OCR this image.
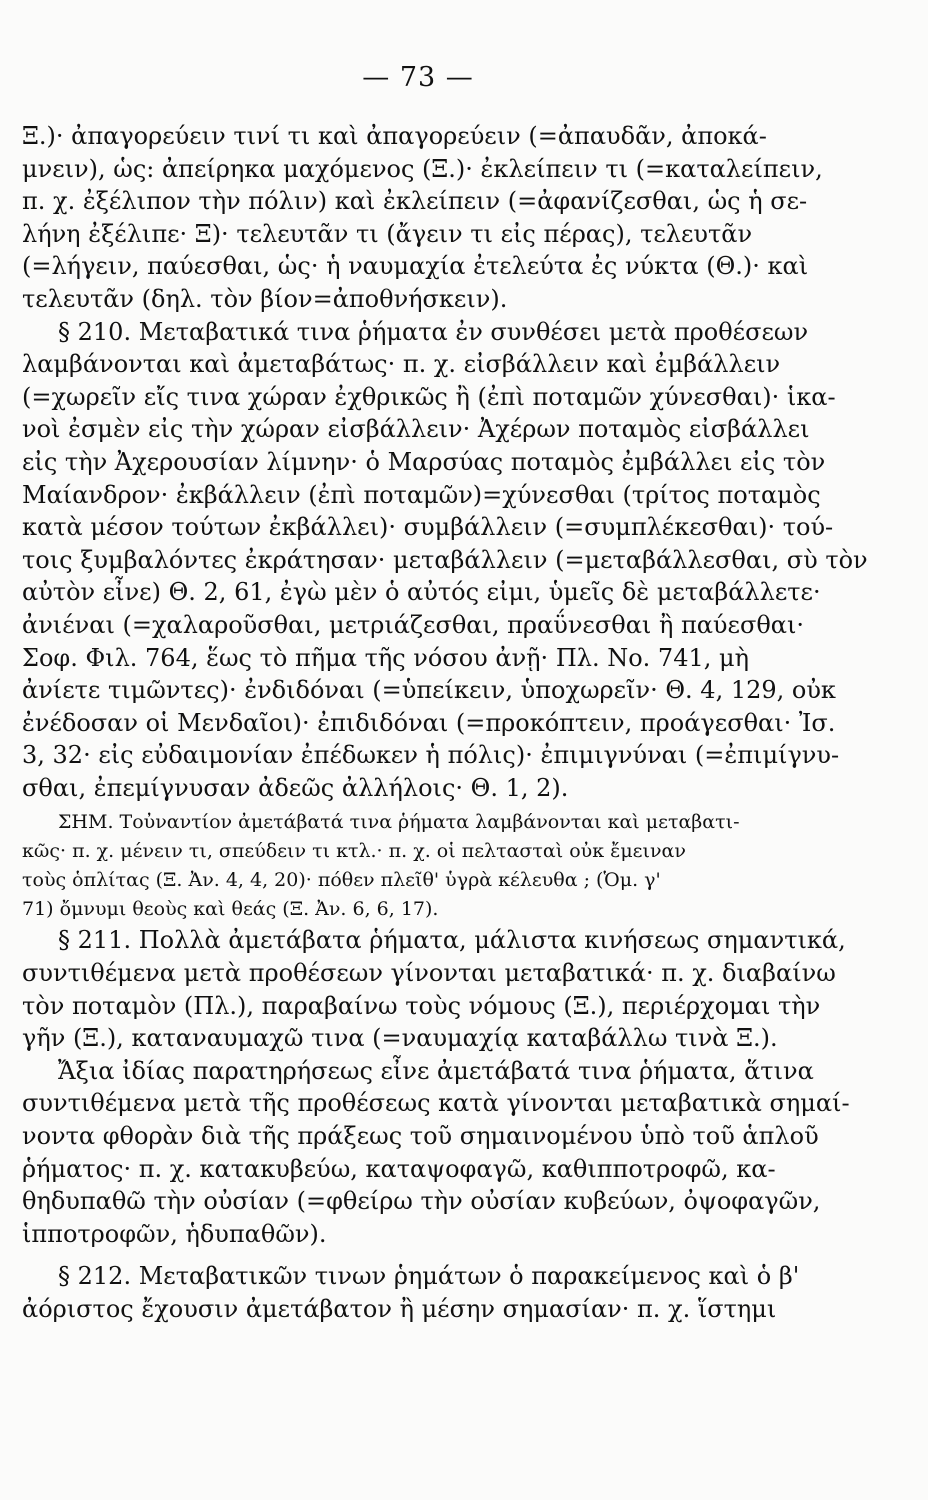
— 73 —
Ξ.)· ἀπαγορεύειν τινί τι καὶ ἀπαγορεύειν (=ἀπαυδᾶν, ἀποκά-
μνειν), ὡς: ἀπείρηκα μαχόμενος (Ξ.)· ἐκλείπειν τι (=καταλείπειν,
π. χ. ἐξέλιπον τὴν πόλιν) καὶ ἐκλείπειν (=ἀφανίζεσθαι, ὡς ἡ σε-
λήνη ἐξέλιπε· Ξ)· τελευτᾶν τι (ἄγειν τι εἰς πέρας), τελευτᾶν
(=λήγειν, παύεσθαι, ὡς· ἡ ναυμαχία ἐτελεύτα ἐς νύκτα (Θ.)· καὶ
τελευτᾶν (δηλ. τὸν βίον=ἀποθνήσκειν).
§ 210. Μεταβατικά τινα ῥήματα ἐν συνθέσει μετὰ προθέσεων
λαμβάνονται καὶ ἀμεταβάτως· π. χ. εἰσβάλλειν καὶ ἐμβάλλειν
(=χωρεῖν εἴς τινα χώραν ἐχθρικῶς ἢ (ἐπὶ ποταμῶν χύνεσθαι)· ἱκα-
νοὶ ἐσμὲν εἰς τὴν χώραν εἰσβάλλειν· Ἀχέρων ποταμὸς εἰσβάλλει
εἰς τὴν Ἀχερουσίαν λίμνην· ὁ Μαρσύας ποταμὸς ἐμβάλλει εἰς τὸν
Μαίανδρον· ἐκβάλλειν (ἐπὶ ποταμῶν)=χύνεσθαι (τρίτος ποταμὸς
κατὰ μέσον τούτων ἐκβάλλει)· συμβάλλειν (=συμπλέκεσθαι)· τού-
τοις ξυμβαλόντες ἐκράτησαν· μεταβάλλειν (=μεταβάλλεσθαι, σὺ τὸν
αὐτὸν εἶνε) Θ. 2, 61, ἐγὼ μὲν ὁ αὐτός εἰμι, ὑμεῖς δὲ μεταβάλλετε·
ἀνιέναι (=χαλαροῦσθαι, μετριάζεσθαι, πραΰνεσθαι ἢ παύεσθαι·
Σοφ. Φιλ. 764, ἕως τὸ πῆμα τῆς νόσου ἀνῇ· Πλ. Νο. 741, μὴ
ἀνίετε τιμῶντες)· ἐνδιδόναι (=ὑπείκειν, ὑποχωρεῖν· Θ. 4, 129, οὐκ
ἐνέδοσαν οἱ Μενδαῖοι)· ἐπιδιδόναι (=προκόπτειν, προάγεσθαι· Ἰσ.
3, 32· εἰς εὐδαιμονίαν ἐπέδωκεν ἡ πόλις)· ἐπιμιγνύναι (=ἐπιμίγνυ-
σθαι, ἐπεμίγνυσαν ἀδεῶς ἀλλήλοις· Θ. 1, 2).
ΣΗΜ. Τοὐναντίον ἀμετάβατά τινα ῥήματα λαμβάνονται καὶ μεταβατι-
κῶς· π. χ. μένειν τι, σπεύδειν τι κτλ.· π. χ. οἱ πελτασταὶ οὐκ ἔμειναν
τοὺς ὁπλίτας (Ξ. Ἀν. 4, 4, 20)· πόθεν πλεῖθ' ὑγρὰ κέλευθα ; (Ὁμ. γ'
71) ὄμνυμι θεοὺς καὶ θεάς (Ξ. Ἀν. 6, 6, 17).
§ 211. Πολλὰ ἀμετάβατα ῥήματα, μάλιστα κινήσεως σημαντικά,
συντιθέμενα μετὰ προθέσεων γίνονται μεταβατικά· π. χ. διαβαίνω
τὸν ποταμὸν (Πλ.), παραβαίνω τοὺς νόμους (Ξ.), περιέρχομαι τὴν
γῆν (Ξ.), καταναυμαχῶ τινα (=ναυμαχίᾳ καταβάλλω τινὰ Ξ.).
Ἄξια ἰδίας παρατηρήσεως εἶνε ἀμετάβατά τινα ῥήματα, ἅτινα
συντιθέμενα μετὰ τῆς προθέσεως κατὰ γίνονται μεταβατικὰ σημαί-
νοντα φθορὰν διὰ τῆς πράξεως τοῦ σημαινομένου ὑπὸ τοῦ ἁπλοῦ
ῥήματος· π. χ. κατακυβεύω, καταψοφαγῶ, καθιπποτροφῶ, κα-
θηδυπαθῶ τὴν οὐσίαν (=φθείρω τὴν οὐσίαν κυβεύων, ὀψοφαγῶν,
ἱπποτροφῶν, ἡδυπαθῶν).
§ 212. Μεταβατικῶν τινων ῥημάτων ὁ παρακείμενος καὶ ὁ β'
ἀόριστος ἔχουσιν ἀμετάβατον ἢ μέσην σημασίαν· π. χ. ἵστημι
